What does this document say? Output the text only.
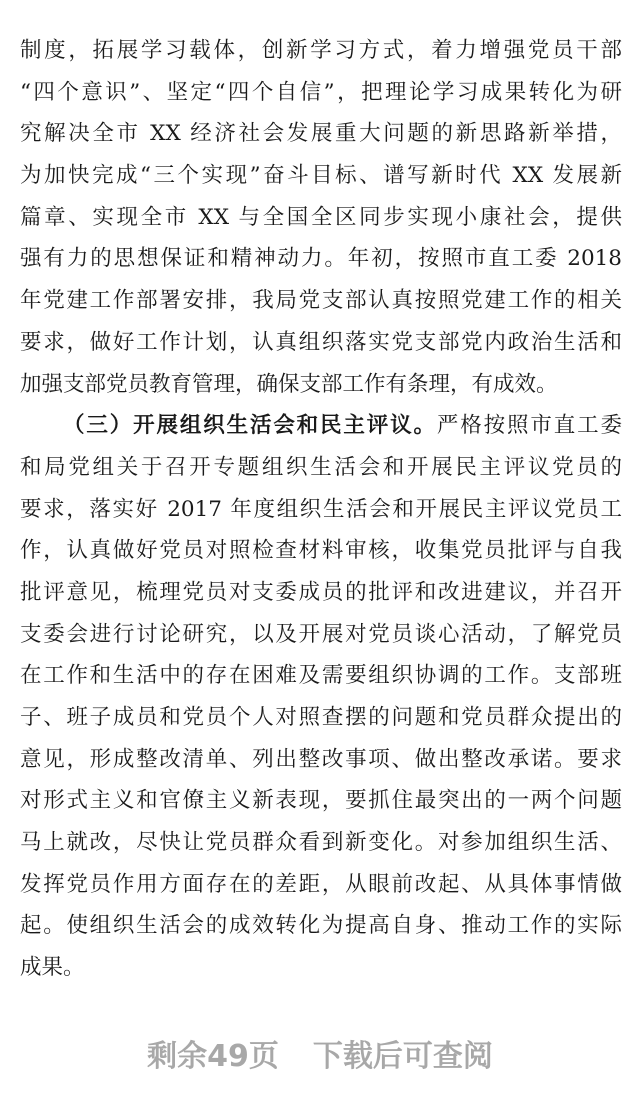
制度，拓展学习载体，创新学习方式，着力增强党员干部
“四个意识”、坚定“四个自信”，把理论学习成果转化为研
究解决全市 XX 经济社会发展重大问题的新思路新举措，
为加快完成“三个实现”奋斗目标、谱写新时代 XX 发展新
篇章、实现全市 XX 与全国全区同步实现小康社会，提供
强有力的思想保证和精神动力。年初，按照市直工委 2018
年党建工作部署安排，我局党支部认真按照党建工作的相关
要求，做好工作计划，认真组织落实党支部党内政治生活和
加强支部党员教育管理，确保支部工作有条理，有成效。
（三）开展组织生活会和民主评议。严格按照市直工委
和局党组关于召开专题组织生活会和开展民主评议党员的
要求，落实好 2017 年度组织生活会和开展民主评议党员工
作，认真做好党员对照检查材料审核，收集党员批评与自我
批评意见，梳理党员对支委成员的批评和改进建议，并召开
支委会进行讨论研究，以及开展对党员谈心活动，了解党员
在工作和生活中的存在困难及需要组织协调的工作。支部班
子、班子成员和党员个人对照查摆的问题和党员群众提出的
意见，形成整改清单、列出整改事项、做出整改承诺。要求
对形式主义和官僚主义新表现，要抓住最突出的一两个问题
马上就改，尽快让党员群众看到新变化。对参加组织生活、
发挥党员作用方面存在的差距，从眼前改起、从具体事情做
起。使组织生活会的成效转化为提高自身、推动工作的实际
成果。
剩余49页 下载后可查阅
